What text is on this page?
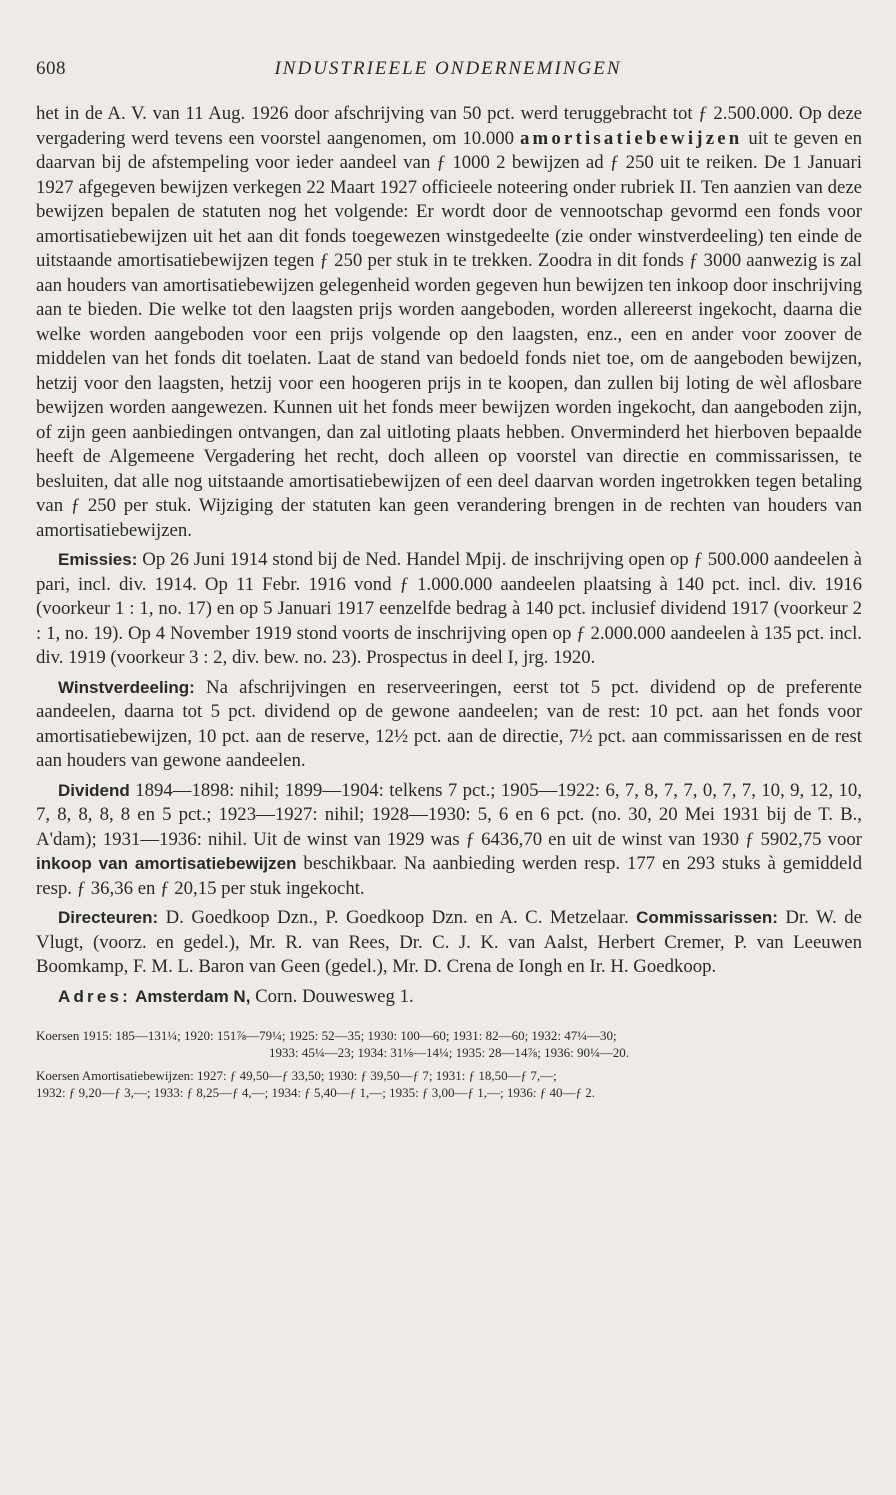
608	INDUSTRIEELE ONDERNEMINGEN

het in de A. V. van 11 Aug. 1926 door afschrijving van 50 pct. werd teruggebracht tot ƒ 2.500.000. Op deze vergadering werd tevens een voorstel aangenomen, om 10.000 amortisatiebewijzen uit te geven en daarvan bij de afstempeling voor ieder aandeel van ƒ 1000 2 bewijzen ad ƒ 250 uit te reiken. De 1 Januari 1927 afgegeven bewijzen verkegen 22 Maart 1927 officieele noteering onder rubriek II. Ten aanzien van deze bewijzen bepalen de statuten nog het volgende: Er wordt door de vennootschap gevormd een fonds voor amortisatiebewijzen uit het aan dit fonds toegewezen winstgedeelte (zie onder winstverdeeling) ten einde de uitstaande amortisatiebewijzen tegen ƒ 250 per stuk in te trekken. Zoodra in dit fonds ƒ 3000 aanwezig is zal aan houders van amortisatiebewijzen gelegenheid worden gegeven hun bewijzen ten inkoop door inschrijving aan te bieden. Die welke tot den laagsten prijs worden aangeboden, worden allereerst ingekocht, daarna die welke worden aangeboden voor een prijs volgende op den laagsten, enz., een en ander voor zoover de middelen van het fonds dit toelaten. Laat de stand van bedoeld fonds niet toe, om de aangeboden bewijzen, hetzij voor den laagsten, hetzij voor een hoogeren prijs in te koopen, dan zullen bij loting de wèl aflosbare bewijzen worden aangewezen. Kunnen uit het fonds meer bewijzen worden ingekocht, dan aangeboden zijn, of zijn geen aanbiedingen ontvangen, dan zal uitloting plaats hebben. Onverminderd het hierboven bepaalde heeft de Algemeene Vergadering het recht, doch alleen op voorstel van directie en commissarissen, te besluiten, dat alle nog uitstaande amortisatiebewijzen of een deel daarvan worden ingetrokken tegen betaling van ƒ 250 per stuk. Wijziging der statuten kan geen verandering brengen in de rechten van houders van amortisatiebewijzen.

Emissies: Op 26 Juni 1914 stond bij de Ned. Handel Mpij. de inschrijving open op ƒ 500.000 aandeelen à pari, incl. div. 1914. Op 11 Febr. 1916 vond ƒ 1.000.000 aandeelen plaatsing à 140 pct. incl. div. 1916 (voorkeur 1 : 1, no. 17) en op 5 Januari 1917 eenzelfde bedrag à 140 pct. inclusief dividend 1917 (voorkeur 2 : 1, no. 19). Op 4 November 1919 stond voorts de inschrijving open op ƒ 2.000.000 aandeelen à 135 pct. incl. div. 1919 (voorkeur 3 : 2, div. bew. no. 23). Prospectus in deel I, jrg. 1920.

Winstverdeeling: Na afschrijvingen en reserveeringen, eerst tot 5 pct. dividend op de preferente aandeelen, daarna tot 5 pct. dividend op de gewone aandeelen; van de rest: 10 pct. aan het fonds voor amortisatiebewijzen, 10 pct. aan de reserve, 12½ pct. aan de directie, 7½ pct. aan commissarissen en de rest aan houders van gewone aandeelen.

Dividend 1894—1898: nihil; 1899—1904: telkens 7 pct.; 1905—1922: 6, 7, 8, 7, 7, 0, 7, 7, 10, 9, 12, 10, 7, 8, 8, 8, 8 en 5 pct.; 1923—1927: nihil; 1928—1930: 5, 6 en 6 pct. (no. 30, 20 Mei 1931 bij de T. B., A'dam); 1931—1936: nihil. Uit de winst van 1929 was ƒ 6436,70 en uit de winst van 1930 ƒ 5902,75 voor inkoop van amortisatiebewijzen beschikbaar. Na aanbieding werden resp. 177 en 293 stuks à gemiddeld resp. ƒ 36,36 en ƒ 20,15 per stuk ingekocht.

Directeuren: D. Goedkoop Dzn., P. Goedkoop Dzn. en A. C. Metzelaar. Commissarissen: Dr. W. de Vlugt, (voorz. en gedel.), Mr. R. van Rees, Dr. C. J. K. van Aalst, Herbert Cremer, P. van Leeuwen Boomkamp, F. M. L. Baron van Geen (gedel.), Mr. D. Crena de Iongh en Ir. H. Goedkoop.

Adres: Amsterdam N, Corn. Douwesweg 1.

Koersen 1915: 185—131¼; 1920: 151⅞—79¼; 1925: 52—35; 1930: 100—60; 1931: 82—60; 1932: 47¼—30;

1933: 45¼—23; 1934: 31⅛—14¼; 1935: 28—14⅞; 1936: 90¼—20.

Koersen Amortisatiebewijzen: 1927: ƒ 49,50—ƒ 33,50; 1930: ƒ 39,50—ƒ 7; 1931: ƒ 18,50—ƒ 7,—;
1932: ƒ 9,20—ƒ 3,—; 1933: ƒ 8,25—ƒ 4,—; 1934: ƒ 5,40—ƒ 1,—; 1935: ƒ 3,00—ƒ 1,—; 1936: ƒ 40—ƒ 2.
